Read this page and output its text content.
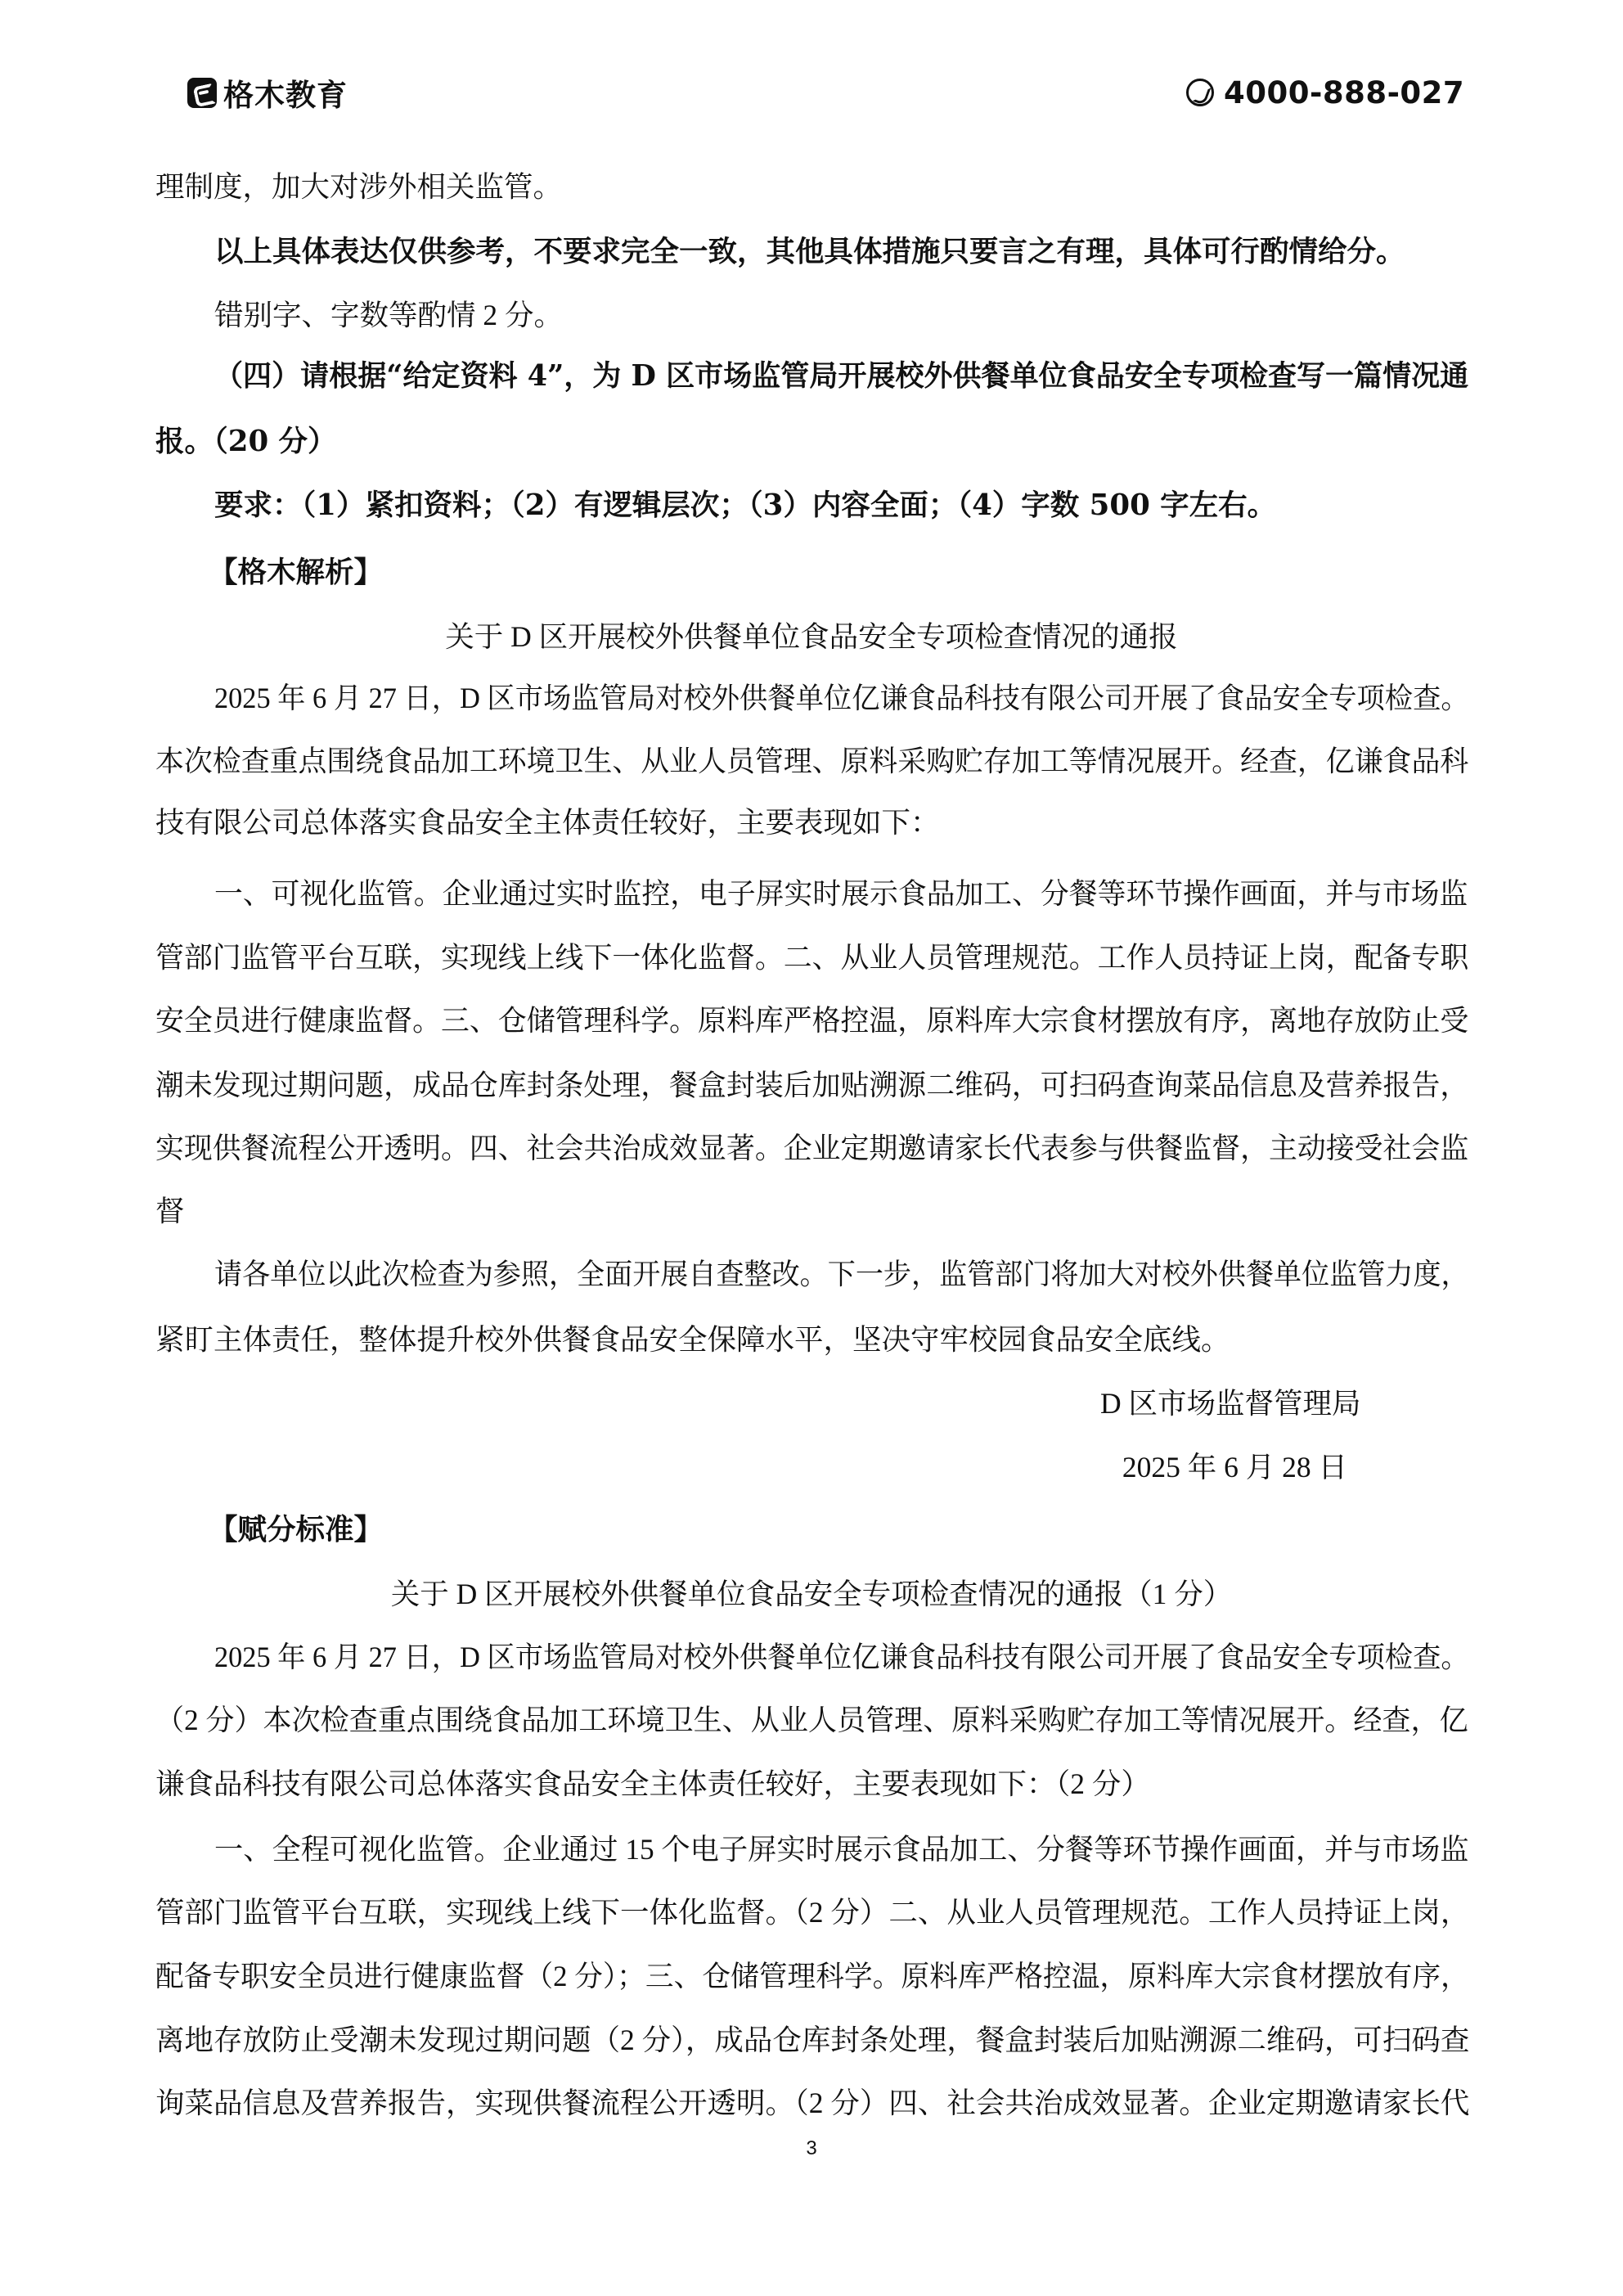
格木教育	4000-888-027
理制度，加大对涉外相关监管。
以上具体表达仅供参考，不要求完全一致，其他具体措施只要言之有理，具体可行酌情给分。
错别字、字数等酌情 2 分。
（四）请根据“给定资料 4”，为 D 区市场监管局开展校外供餐单位食品安全专项检查写一篇情况通
报。（20 分）
要求：（1）紧扣资料；（2）有逻辑层次；（3）内容全面；（4）字数 500 字左右。
【格木解析】
关于 D 区开展校外供餐单位食品安全专项检查情况的通报
2025 年 6 月 27 日，D 区市场监管局对校外供餐单位亿谦食品科技有限公司开展了食品安全专项检查。
本次检查重点围绕食品加工环境卫生、从业人员管理、原料采购贮存加工等情况展开。经查，亿谦食品科
技有限公司总体落实食品安全主体责任较好，主要表现如下：
一、可视化监管。企业通过实时监控，电子屏实时展示食品加工、分餐等环节操作画面，并与市场监
管部门监管平台互联，实现线上线下一体化监督。二、从业人员管理规范。工作人员持证上岗，配备专职
安全员进行健康监督。三、仓储管理科学。原料库严格控温，原料库大宗食材摆放有序，离地存放防止受
潮未发现过期问题，成品仓库封条处理，餐盒封装后加贴溯源二维码，可扫码查询菜品信息及营养报告，
实现供餐流程公开透明。四、社会共治成效显著。企业定期邀请家长代表参与供餐监督，主动接受社会监
督
请各单位以此次检查为参照，全面开展自查整改。下一步，监管部门将加大对校外供餐单位监管力度，
紧盯主体责任，整体提升校外供餐食品安全保障水平，坚决守牢校园食品安全底线。
D 区市场监督管理局
2025 年 6 月 28 日
【赋分标准】
关于 D 区开展校外供餐单位食品安全专项检查情况的通报（1 分）
2025 年 6 月 27 日，D 区市场监管局对校外供餐单位亿谦食品科技有限公司开展了食品安全专项检查。
（2 分）本次检查重点围绕食品加工环境卫生、从业人员管理、原料采购贮存加工等情况展开。经查，亿
谦食品科技有限公司总体落实食品安全主体责任较好，主要表现如下：（2 分）
一、全程可视化监管。企业通过 15 个电子屏实时展示食品加工、分餐等环节操作画面，并与市场监
管部门监管平台互联，实现线上线下一体化监督。（2 分）二、从业人员管理规范。工作人员持证上岗，
配备专职安全员进行健康监督（2 分）；三、仓储管理科学。原料库严格控温，原料库大宗食材摆放有序，
离地存放防止受潮未发现过期问题（2 分），成品仓库封条处理，餐盒封装后加贴溯源二维码，可扫码查
询菜品信息及营养报告，实现供餐流程公开透明。（2 分）四、社会共治成效显著。企业定期邀请家长代
3
